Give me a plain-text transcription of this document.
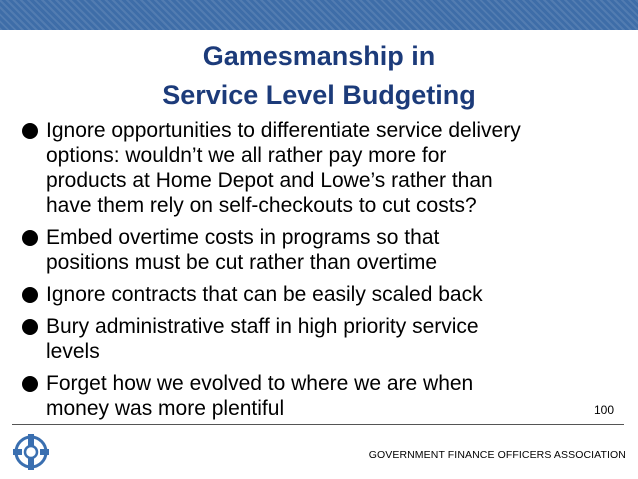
Gamesmanship in
Service Level Budgeting
Ignore opportunities to differentiate service delivery
options: wouldn’t we all rather pay more for
products at Home Depot and Lowe’s rather than
have them rely on self-checkouts to cut costs?
Embed overtime costs in programs so that
positions must be cut rather than overtime
Ignore contracts that can be easily scaled back
Bury administrative staff in high priority service
levels
Forget how we evolved to where we are when
money was more plentiful	100
GOVERNMENT FINANCE OFFICERS ASSOCIATION
